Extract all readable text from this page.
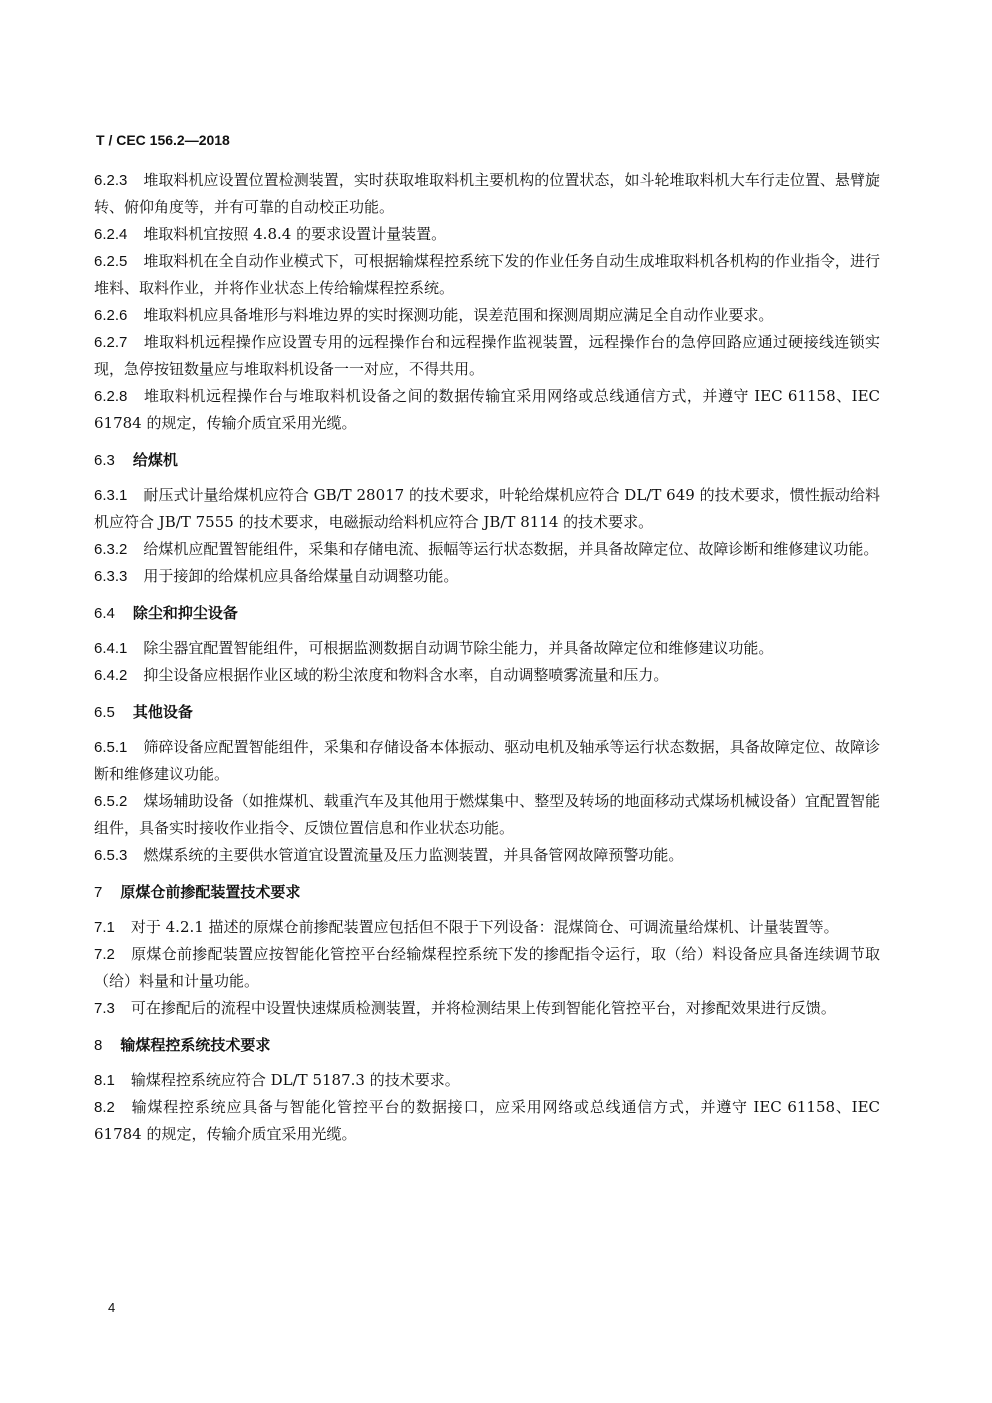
T / CEC 156.2—2018

6.2.3 堆取料机应设置位置检测装置，实时获取堆取料机主要机构的位置状态，如斗轮堆取料机大车行走位置、悬臂旋转、俯仰角度等，并有可靠的自动校正功能。

6.2.4 堆取料机宜按照 4.8.4 的要求设置计量装置。

6.2.5 堆取料机在全自动作业模式下，可根据输煤程控系统下发的作业任务自动生成堆取料机各机构的作业指令，进行堆料、取料作业，并将作业状态上传给输煤程控系统。

6.2.6 堆取料机应具备堆形与料堆边界的实时探测功能，误差范围和探测周期应满足全自动作业要求。

6.2.7 堆取料机远程操作应设置专用的远程操作台和远程操作监视装置，远程操作台的急停回路应通过硬接线连锁实现，急停按钮数量应与堆取料机设备一一对应，不得共用。

6.2.8 堆取料机远程操作台与堆取料机设备之间的数据传输宜采用网络或总线通信方式，并遵守 IEC 61158、IEC 61784 的规定，传输介质宜采用光缆。

6.3 给煤机

6.3.1 耐压式计量给煤机应符合 GB/T 28017 的技术要求，叶轮给煤机应符合 DL/T 649 的技术要求，惯性振动给料机应符合 JB/T 7555 的技术要求，电磁振动给料机应符合 JB/T 8114 的技术要求。

6.3.2 给煤机应配置智能组件，采集和存储电流、振幅等运行状态数据，并具备故障定位、故障诊断和维修建议功能。

6.3.3 用于接卸的给煤机应具备给煤量自动调整功能。

6.4 除尘和抑尘设备

6.4.1 除尘器宜配置智能组件，可根据监测数据自动调节除尘能力，并具备故障定位和维修建议功能。

6.4.2 抑尘设备应根据作业区域的粉尘浓度和物料含水率，自动调整喷雾流量和压力。

6.5 其他设备

6.5.1 筛碎设备应配置智能组件，采集和存储设备本体振动、驱动电机及轴承等运行状态数据，具备故障定位、故障诊断和维修建议功能。

6.5.2 煤场辅助设备（如推煤机、载重汽车及其他用于燃煤集中、整型及转场的地面移动式煤场机械设备）宜配置智能组件，具备实时接收作业指令、反馈位置信息和作业状态功能。

6.5.3 燃煤系统的主要供水管道宜设置流量及压力监测装置，并具备管网故障预警功能。

7 原煤仓前掺配装置技术要求

7.1 对于 4.2.1 描述的原煤仓前掺配装置应包括但不限于下列设备：混煤筒仓、可调流量给煤机、计量装置等。

7.2 原煤仓前掺配装置应按智能化管控平台经输煤程控系统下发的掺配指令运行，取（给）料设备应具备连续调节取（给）料量和计量功能。

7.3 可在掺配后的流程中设置快速煤质检测装置，并将检测结果上传到智能化管控平台，对掺配效果进行反馈。

8 输煤程控系统技术要求

8.1 输煤程控系统应符合 DL/T 5187.3 的技术要求。

8.2 输煤程控系统应具备与智能化管控平台的数据接口，应采用网络或总线通信方式，并遵守 IEC 61158、IEC 61784 的规定，传输介质宜采用光缆。

4
